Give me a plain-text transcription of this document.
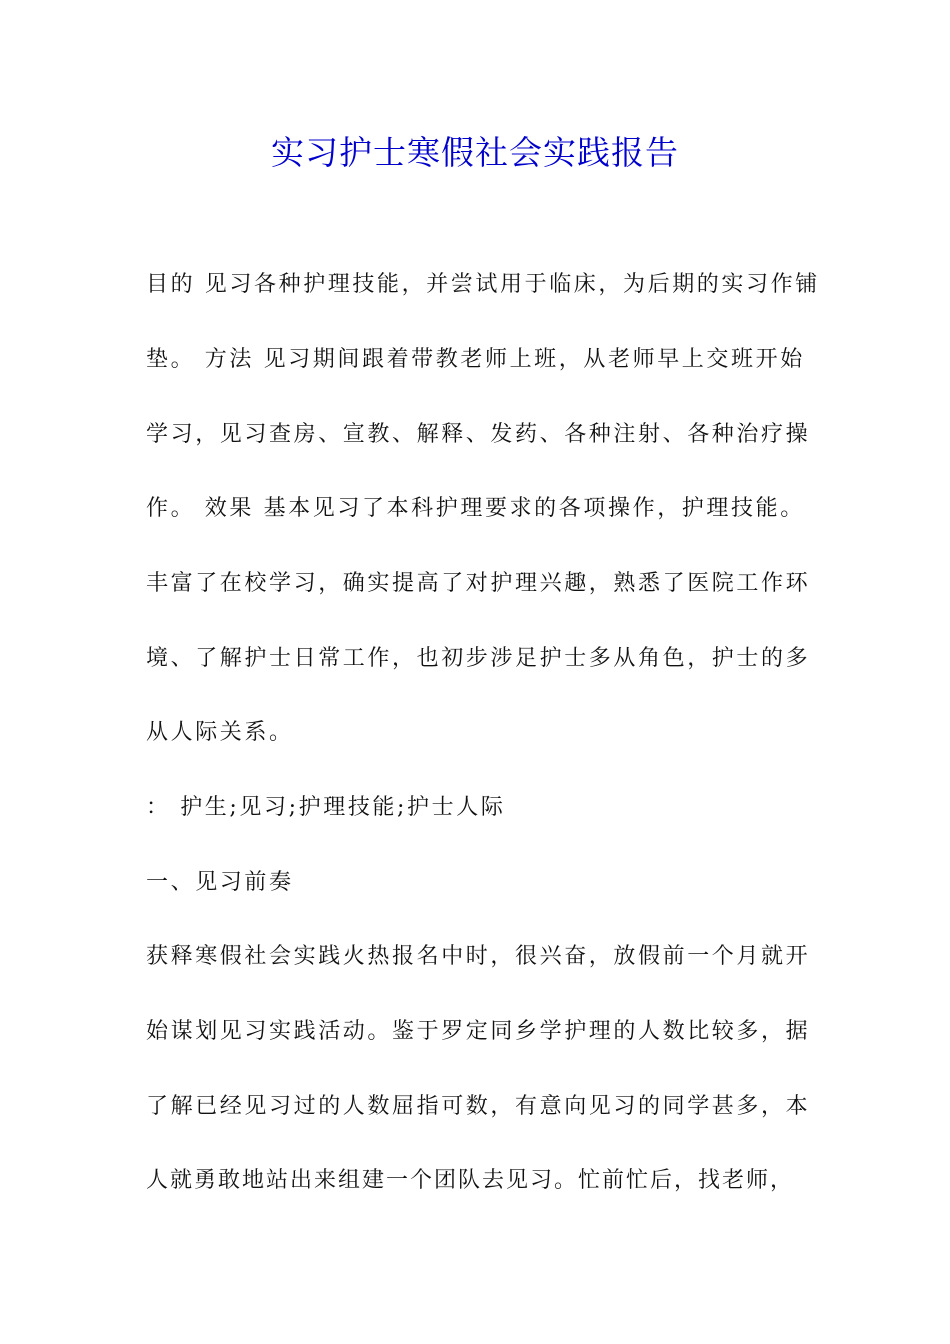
实习护士寒假社会实践报告
目的 见习各种护理技能，并尝试用于临床，为后期的实习作铺
垫。 方法 见习期间跟着带教老师上班，从老师早上交班开始
学习，见习查房、宣教、解释、发药、各种注射、各种治疗操
作。 效果 基本见习了本科护理要求的各项操作，护理技能。
丰富了在校学习，确实提高了对护理兴趣，熟悉了医院工作环
境、了解护士日常工作，也初步涉足护士多从角色，护士的多
从人际关系。
： 护生;见习;护理技能;护士人际
一、见习前奏
获释寒假社会实践火热报名中时，很兴奋，放假前一个月就开
始谋划见习实践活动。鉴于罗定同乡学护理的人数比较多，据
了解已经见习过的人数屈指可数，有意向见习的同学甚多，本
人就勇敢地站出来组建一个团队去见习。忙前忙后，找老师，
